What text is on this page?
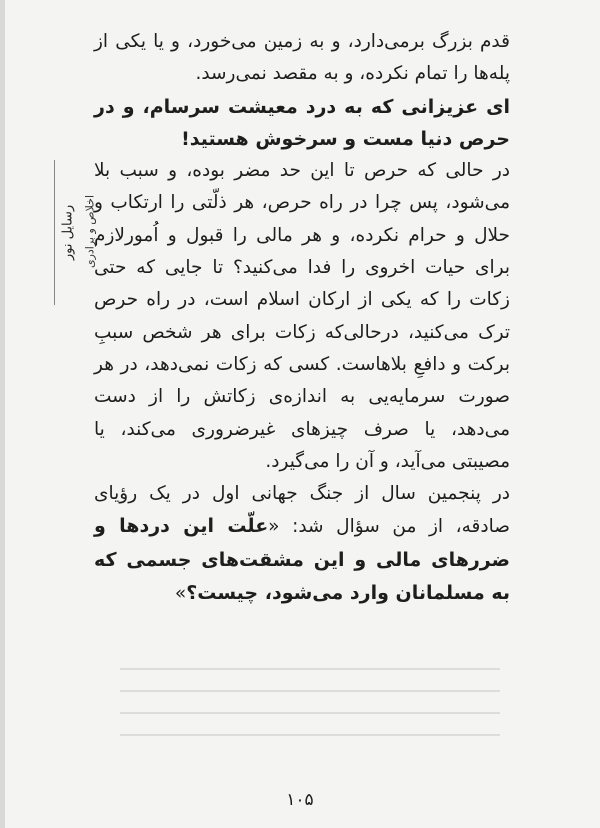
رسایل نور اخلاص و برادری

قدم بزرگ برمی‌دارد، و به زمین می‌خورد، و یا یکی از پله‌ها را تمام نکرده، و به مقصد نمی‌رسد.

ای عزیزانی که به درد معیشت سرسام، و در حرص دنیا مست و سرخوش هستید!

در حالی که حرص تا این حد مضر بوده، و سبب بلا می‌شود، پس چرا در راه حرص، هر ذلّتی را ارتکاب و حلال و حرام نکرده، و هر مالی را قبول و اُمورلازم برای حیات اخروی را فدا می‌کنید؟ تا جایی که حتی زکات را که یکی از ارکان اسلام است، در راه حرص ترک می‌کنید، درحالی‌که زکات برای هر شخص سببِ برکت و دافعِ بلاهاست. کسی که زکات نمی‌دهد، در هر صورت سرمایه‌یی به اندازه‌ی زکاتش را از دست می‌دهد، یا صرف چیزهای غیرضروری می‌کند، یا مصیبتی می‌آید، و آن را می‌گیرد.

در پنجمین سال از جنگ جهانی اول در یک رؤیای صادقه، از من سؤال شد: «علّت این دردها و ضررهای مالی و این مشقت‌های جسمی که به مسلمانان وارد می‌شود، چیست؟»

۱۰۵
